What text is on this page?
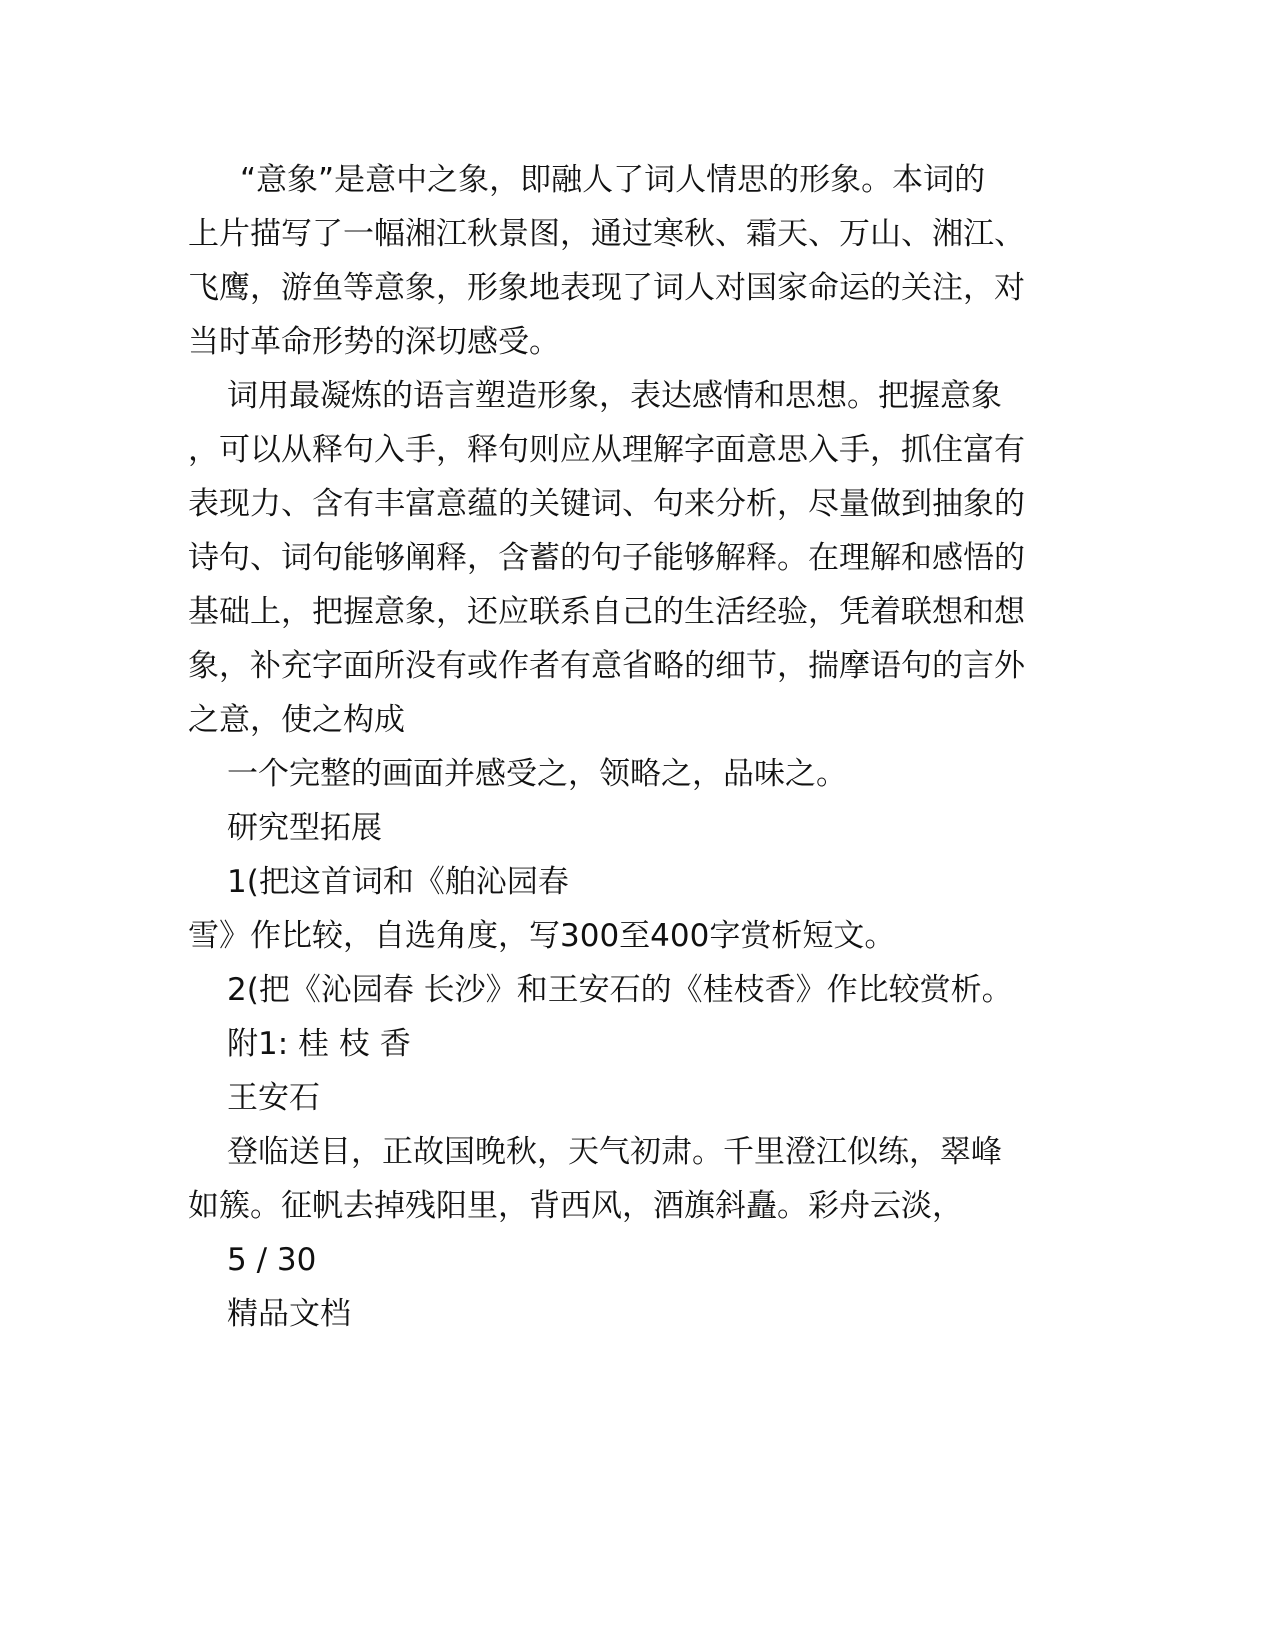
“意象”是意中之象，即融人了词人情思的形象。本词的

上片描写了一幅湘江秋景图，通过寒秋、霜天、万山、湘江、

飞鹰，游鱼等意象，形象地表现了词人对国家命运的关注，对

当时革命形势的深切感受。

词用最凝炼的语言塑造形象，表达感情和思想。把握意象

，可以从释句入手，释句则应从理解字面意思入手，抓住富有

表现力、含有丰富意蕴的关键词、句来分析，尽量做到抽象的

诗句、词句能够阐释，含蓄的句子能够解释。在理解和感悟的

基础上，把握意象，还应联系自己的生活经验，凭着联想和想

象，补充字面所没有或作者有意省略的细节，揣摩语句的言外

之意，使之构成

一个完整的画面并感受之，领略之，品味之。

研究型拓展

1(把这首词和《舶沁园春

雪》作比较，自选角度，写300至400字赏析短文。

2(把《沁园春 长沙》和王安石的《桂枝香》作比较赏析。

附1: 桂 枝 香

王安石

登临送目，正故国晚秋，天气初肃。千里澄江似练，翠峰

如簇。征帆去掉残阳里，背西风，酒旗斜矗。彩舟云淡，

5 / 30

精品文档
